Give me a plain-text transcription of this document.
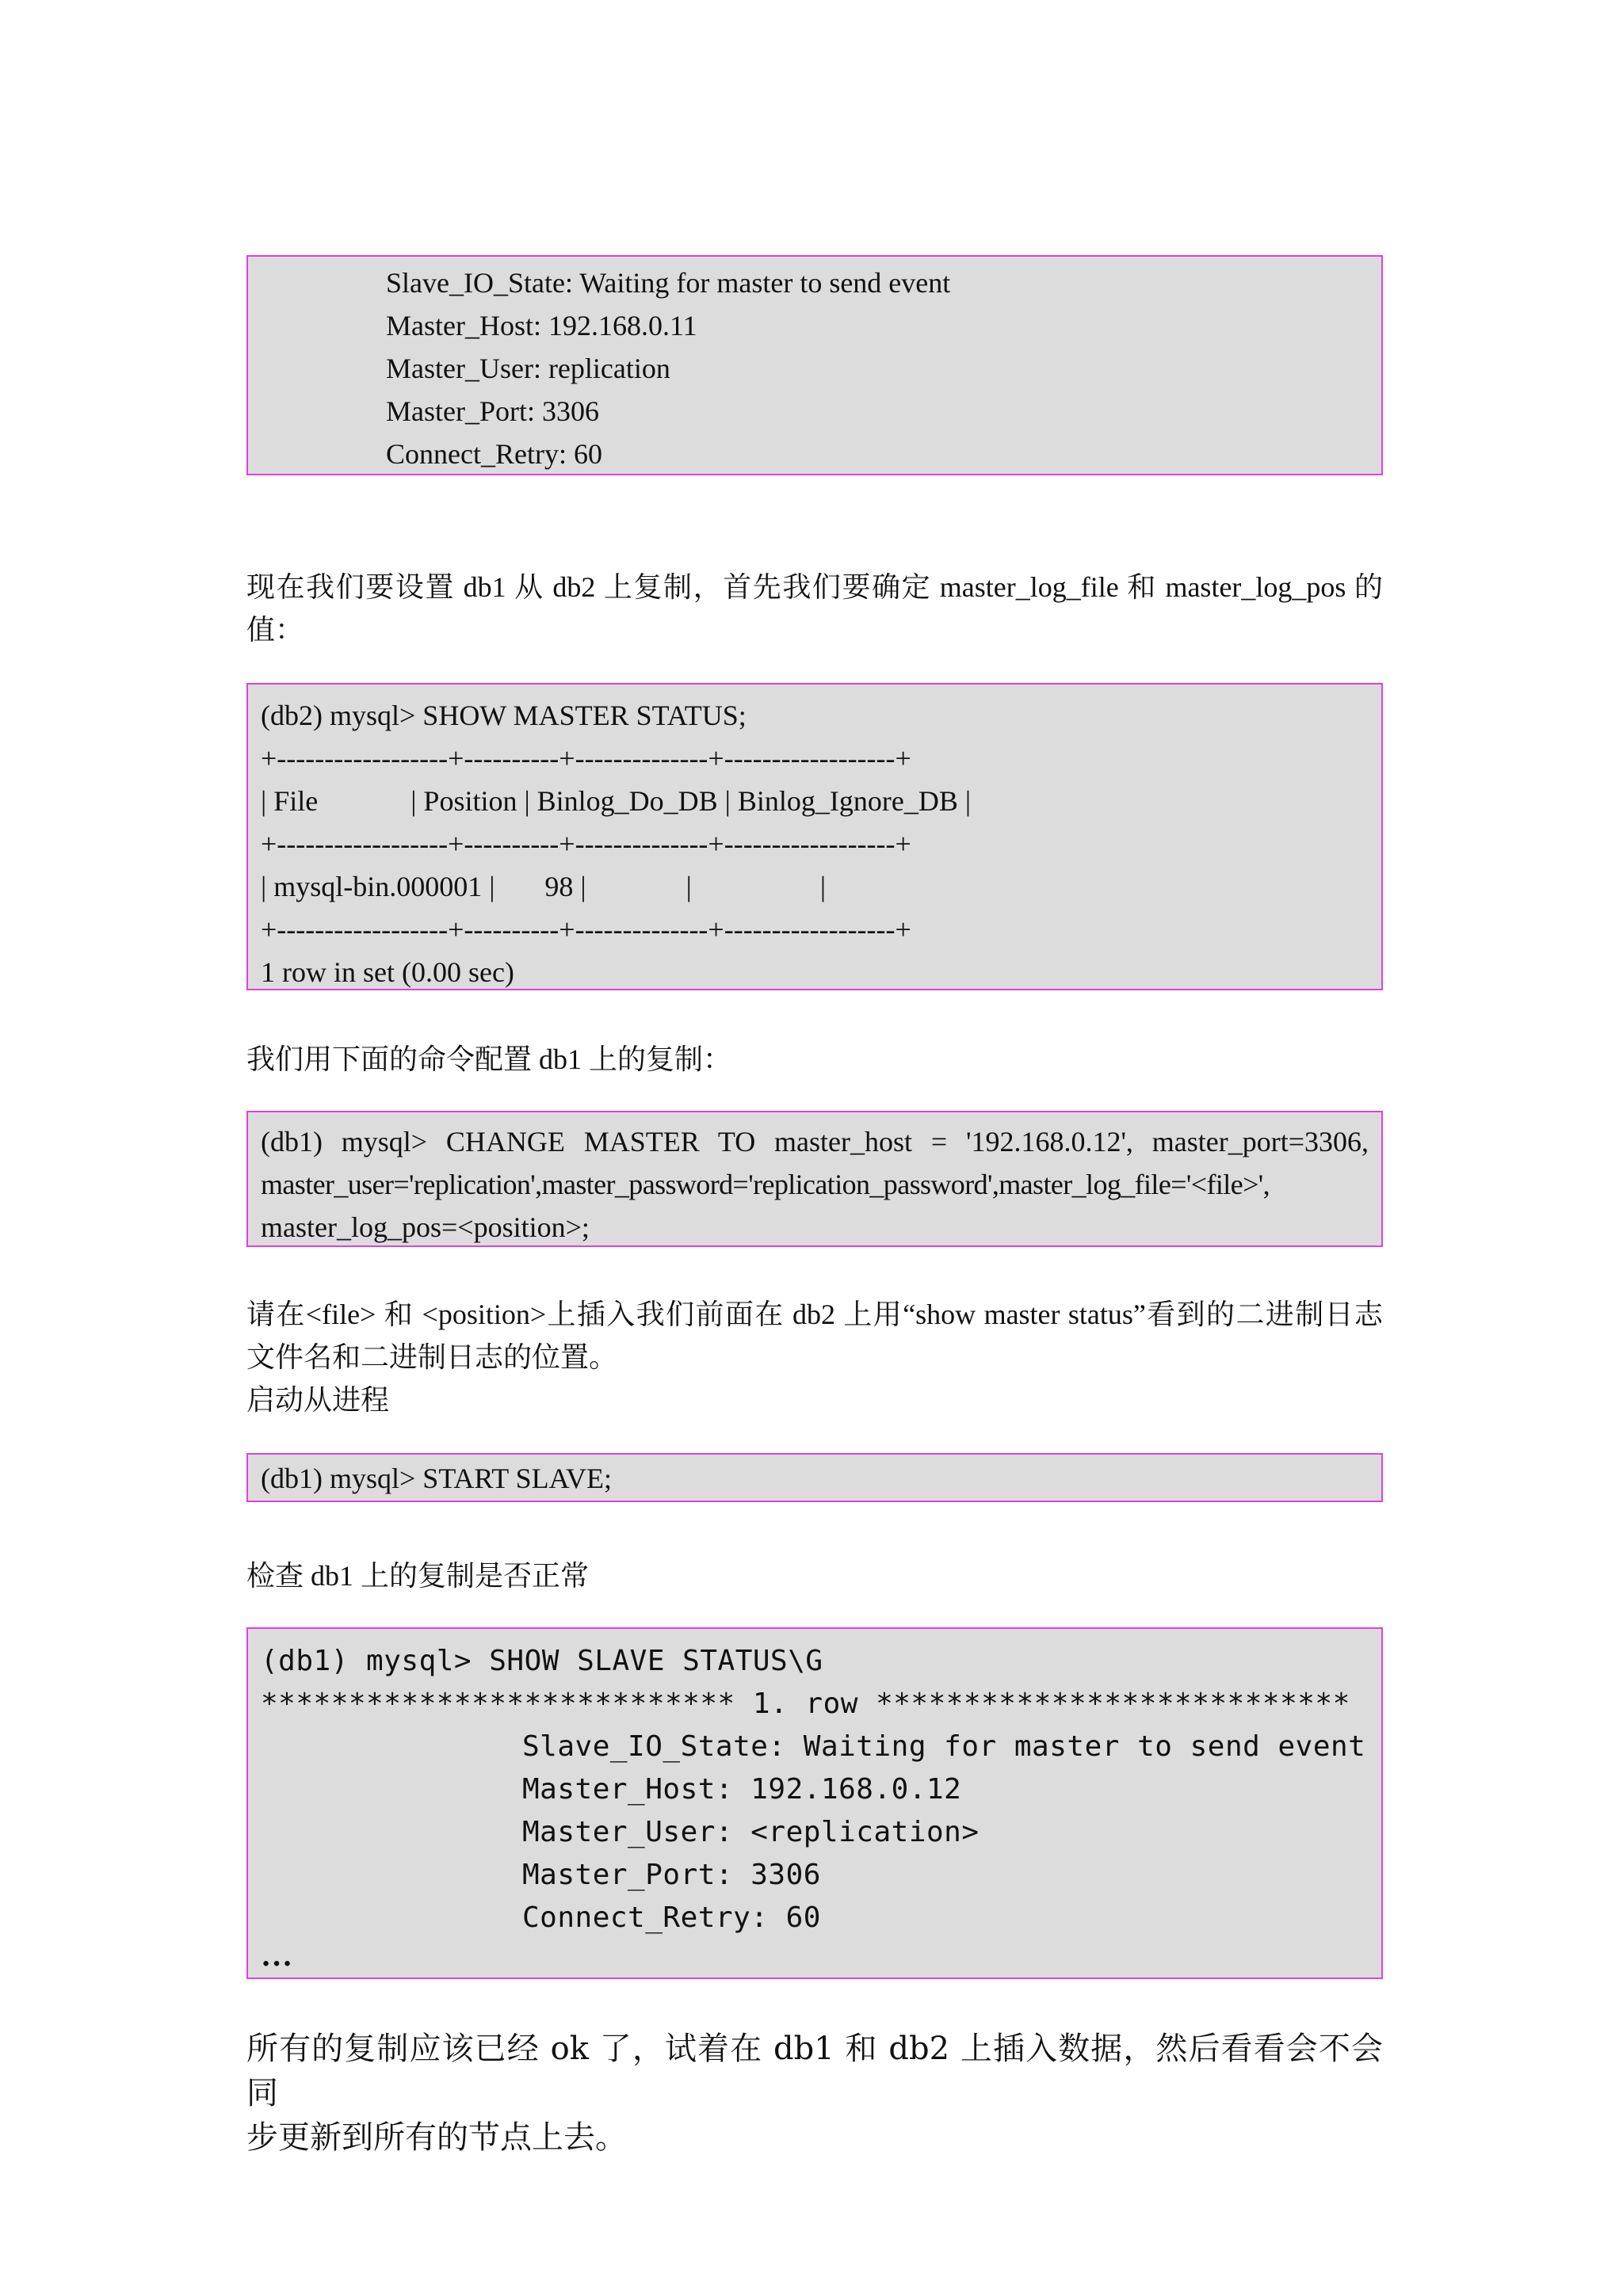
Slave_IO_State: Waiting for master to send event
Master_Host: 192.168.0.11
Master_User: replication
Master_Port: 3306
Connect_Retry: 60
现在我们要设置 db1 从 db2 上复制，首先我们要确定 master_log_file 和 master_log_pos 的
值：
(db2) mysql> SHOW MASTER STATUS;
+------------------+----------+--------------+------------------+
| File             | Position | Binlog_Do_DB | Binlog_Ignore_DB |
+------------------+----------+--------------+------------------+
| mysql-bin.000001 |       98 |              |                  |
+------------------+----------+--------------+------------------+
1 row in set (0.00 sec)
我们用下面的命令配置 db1 上的复制：
(db1) mysql> CHANGE MASTER TO master_host = '192.168.0.12', master_port=3306,
master_user='replication',master_password='replication_password',master_log_file='<file>',
master_log_pos=<position>;
请在<file> 和 <position>上插入我们前面在 db2 上用“show master status”看到的二进制日志
文件名和二进制日志的位置。
启动从进程
(db1) mysql> START SLAVE;
检查 db1 上的复制是否正常
(db1) mysql> SHOW SLAVE STATUS\G
*************************** 1. row ***************************
Slave_IO_State: Waiting for master to send event
Master_Host: 192.168.0.12
Master_User: <replication>
Master_Port: 3306
Connect_Retry: 60
…
所有的复制应该已经 ok 了，试着在 db1 和 db2 上插入数据，然后看看会不会同
步更新到所有的节点上去。
